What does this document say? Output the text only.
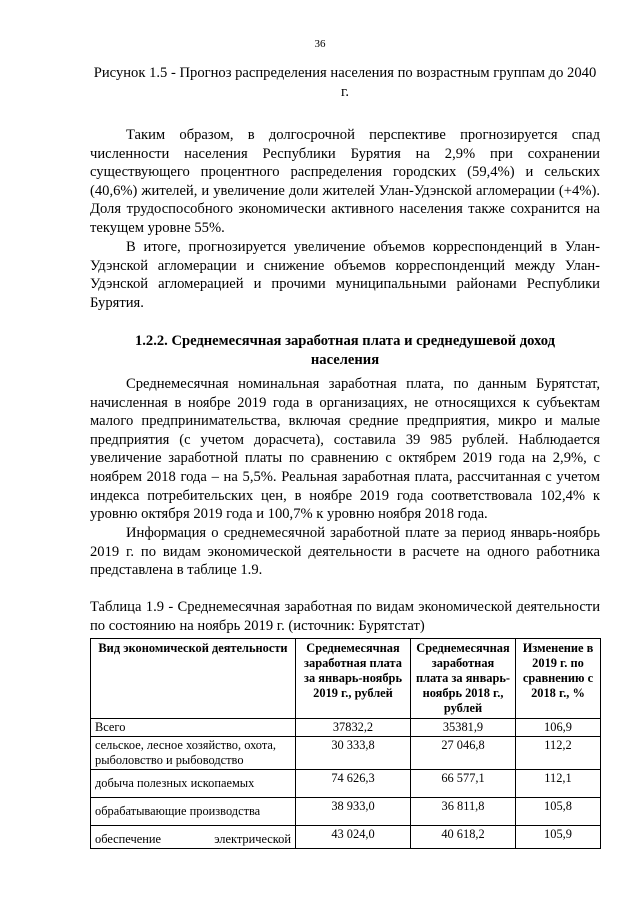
36
Рисунок 1.5 - Прогноз распределения населения по возрастным группам до 2040 г.

Таким образом, в долгосрочной перспективе прогнозируется спад численности населения Республики Бурятия на 2,9% при сохранении существующего процентного распределения городских (59,4%) и сельских (40,6%) жителей, и увеличение доли жителей Улан-Удэнской агломерации (+4%). Доля трудоспособного экономически активного населения также сохранится на текущем уровне 55%.

В итоге, прогнозируется увеличение объемов корреспонденций в Улан-Удэнской агломерации и снижение объемов корреспонденций между Улан-Удэнской агломерацией и прочими муниципальными районами Республики Бурятия.

1.2.2. Среднемесячная заработная плата и среднедушевой доход населения

Среднемесячная номинальная заработная плата, по данным Бурятстат, начисленная в ноябре 2019 года в организациях, не относящихся к субъектам малого предпринимательства, включая средние предприятия, микро и малые предприятия (с учетом дорасчета), составила 39 985 рублей. Наблюдается увеличение заработной платы по сравнению с октябрем 2019 года на 2,9%, с ноябрем 2018 года – на 5,5%. Реальная заработная плата, рассчитанная с учетом индекса потребительских цен, в ноябре 2019 года соответствовала 102,4% к уровню октября 2019 года и 100,7% к уровню ноября 2018 года.

Информация о среднемесячной заработной плате за период январь-ноябрь 2019 г. по видам экономической деятельности в расчете на одного работника представлена в таблице 1.9.

Таблица 1.9 - Среднемесячная заработная по видам экономической деятельности по состоянию на ноябрь 2019 г. (источник: Бурятстат)

Вид экономической деятельности	Среднемесячная заработная плата за январь-ноябрь 2019 г., рублей	Среднемесячная заработная плата за январь-ноябрь 2018 г., рублей	Изменение в 2019 г. по сравнению с 2018 г., %
Всего	37832,2	35381,9	106,9
сельское, лесное хозяйство, охота, рыболовство и рыбоводство	30 333,8	27 046,8	112,2
добыча полезных ископаемых	74 626,3	66 577,1	112,1
обрабатывающие производства	38 933,0	36 811,8	105,8
обеспечение электрической	43 024,0	40 618,2	105,9
